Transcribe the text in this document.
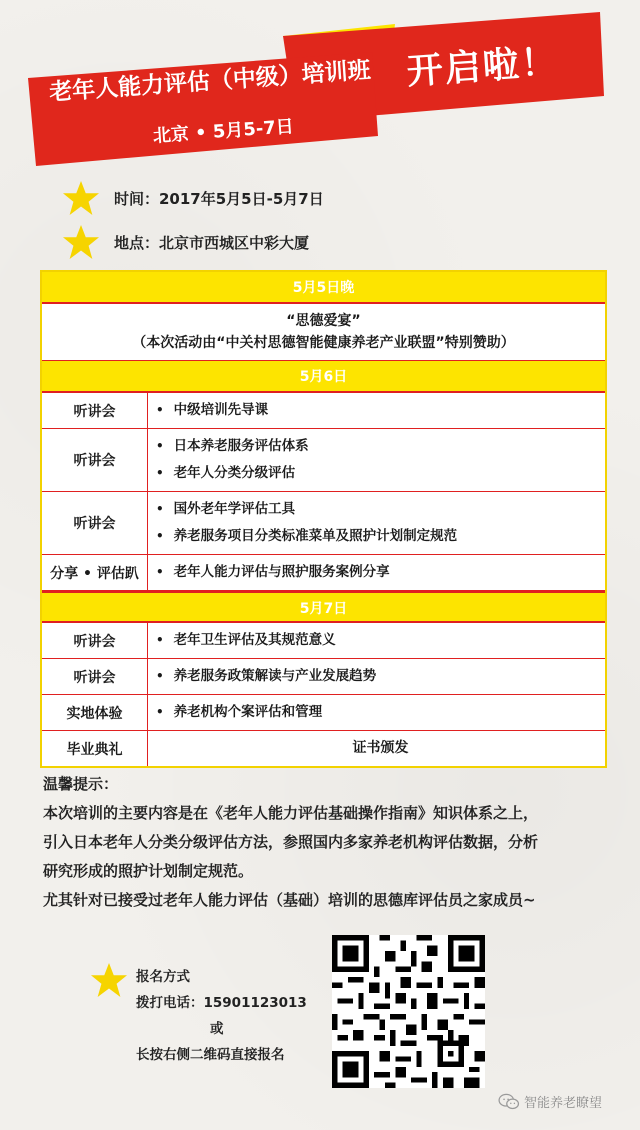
老年人能力评估（中级）培训班
北京 • 5月5-7日
开启啦！
时间：2017年5月5日-5月7日
地点：北京市西城区中彩大厦
5月5日晚
“思德爱宴”
（本次活动由“中关村思德智能健康养老产业联盟”特别赞助）
5月6日
听讲会	• 中级培训先导课
听讲会
• 日本养老服务评估体系
• 老年人分类分级评估
听讲会
• 国外老年学评估工具
• 养老服务项目分类标准菜单及照护计划制定规范
分享 • 评估趴	• 老年人能力评估与照护服务案例分享
5月7日
听讲会	• 老年卫生评估及其规范意义
听讲会	• 养老服务政策解读与产业发展趋势
实地体验	• 养老机构个案评估和管理
毕业典礼	证书颁发

温馨提示：

本次培训的主要内容是在《老年人能力评估基础操作指南》知识体系之上，

引入日本老年人分类分级评估方法，参照国内多家养老机构评估数据，分析

研究形成的照护计划制定规范。

尤其针对已接受过老年人能力评估（基础）培训的思德库评估员之家成员~

报名方式
拨打电话：15901123013
或
长按右侧二维码直接报名
智能养老瞭望
